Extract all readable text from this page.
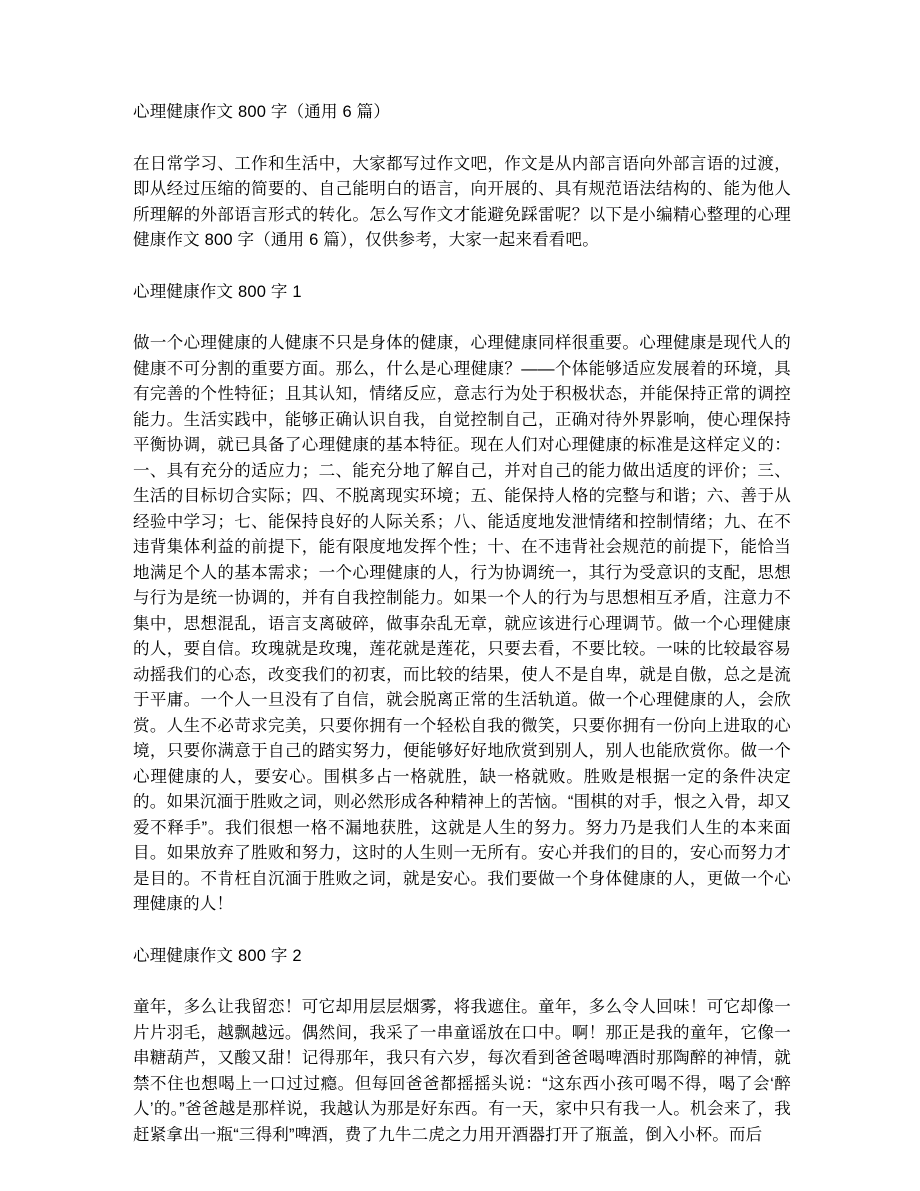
心理健康作文 800 字（通用 6 篇）

在日常学习、工作和生活中，大家都写过作文吧，作文是从内部言语向外部言语的过渡，即从经过压缩的简要的、自己能明白的语言，向开展的、具有规范语法结构的、能为他人所理解的外部语言形式的转化。怎么写作文才能避免踩雷呢？以下是小编精心整理的心理健康作文 800 字（通用 6 篇），仅供参考，大家一起来看看吧。

心理健康作文 800 字 1

做一个心理健康的人健康不只是身体的健康，心理健康同样很重要。心理健康是现代人的健康不可分割的重要方面。那么，什么是心理健康？——个体能够适应发展着的环境，具有完善的个性特征；且其认知，情绪反应，意志行为处于积极状态，并能保持正常的调控能力。生活实践中，能够正确认识自我，自觉控制自己，正确对待外界影响，使心理保持平衡协调，就已具备了心理健康的基本特征。现在人们对心理健康的标准是这样定义的：一、具有充分的适应力；二、能充分地了解自己，并对自己的能力做出适度的评价；三、生活的目标切合实际；四、不脱离现实环境；五、能保持人格的完整与和谐；六、善于从经验中学习；七、能保持良好的人际关系；八、能适度地发泄情绪和控制情绪；九、在不违背集体利益的前提下，能有限度地发挥个性；十、在不违背社会规范的前提下，能恰当地满足个人的基本需求；一个心理健康的人，行为协调统一，其行为受意识的支配，思想与行为是统一协调的，并有自我控制能力。如果一个人的行为与思想相互矛盾，注意力不集中，思想混乱，语言支离破碎，做事杂乱无章，就应该进行心理调节。做一个心理健康的人，要自信。玫瑰就是玫瑰，莲花就是莲花，只要去看，不要比较。一味的比较最容易动摇我们的心态，改变我们的初衷，而比较的结果，使人不是自卑，就是自傲，总之是流于平庸。一个人一旦没有了自信，就会脱离正常的生活轨道。做一个心理健康的人，会欣赏。人生不必苛求完美，只要你拥有一个轻松自我的微笑，只要你拥有一份向上进取的心境，只要你满意于自己的踏实努力，便能够好好地欣赏到别人，别人也能欣赏你。做一个心理健康的人，要安心。围棋多占一格就胜，缺一格就败。胜败是根据一定的条件决定的。如果沉湎于胜败之词，则必然形成各种精神上的苦恼。“围棋的对手，恨之入骨，却又爱不释手”。我们很想一格不漏地获胜，这就是人生的努力。努力乃是我们人生的本来面目。如果放弃了胜败和努力，这时的人生则一无所有。安心并我们的目的，安心而努力才是目的。不肯枉自沉湎于胜败之词，就是安心。我们要做一个身体健康的人，更做一个心理健康的人！

心理健康作文 800 字 2

童年，多么让我留恋！可它却用层层烟雾，将我遮住。童年，多么令人回味！可它却像一片片羽毛，越飘越远。偶然间，我采了一串童谣放在口中。啊！那正是我的童年，它像一串糖葫芦，又酸又甜！记得那年，我只有六岁，每次看到爸爸喝啤酒时那陶醉的神情，就禁不住也想喝上一口过过瘾。但每回爸爸都摇摇头说：“这东西小孩可喝不得，喝了会‘醉人’的。”爸爸越是那样说，我越认为那是好东西。有一天，家中只有我一人。机会来了，我赶紧拿出一瓶“三得利”啤酒，费了九牛二虎之力用开酒器打开了瓶盖，倒入小杯。而后
